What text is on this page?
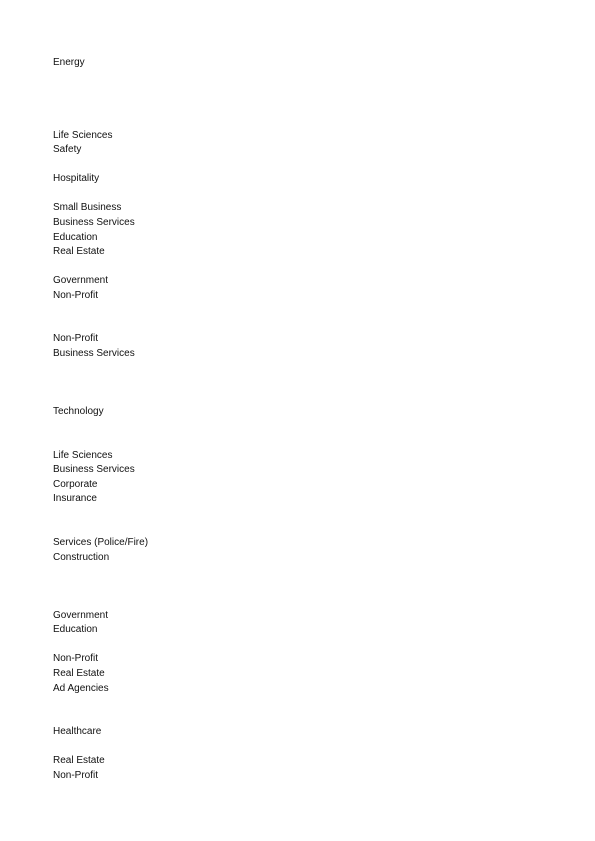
Energy
Life Sciences
Safety
Hospitality
Small Business
Business Services
Education
Real Estate
Government
Non-Profit
Non-Profit
Business Services
Technology
Life Sciences
Business Services
Corporate
Insurance
Services (Police/Fire)
Construction
Government
Education
Non-Profit
Real Estate
Ad Agencies
Healthcare
Real Estate
Non-Profit
